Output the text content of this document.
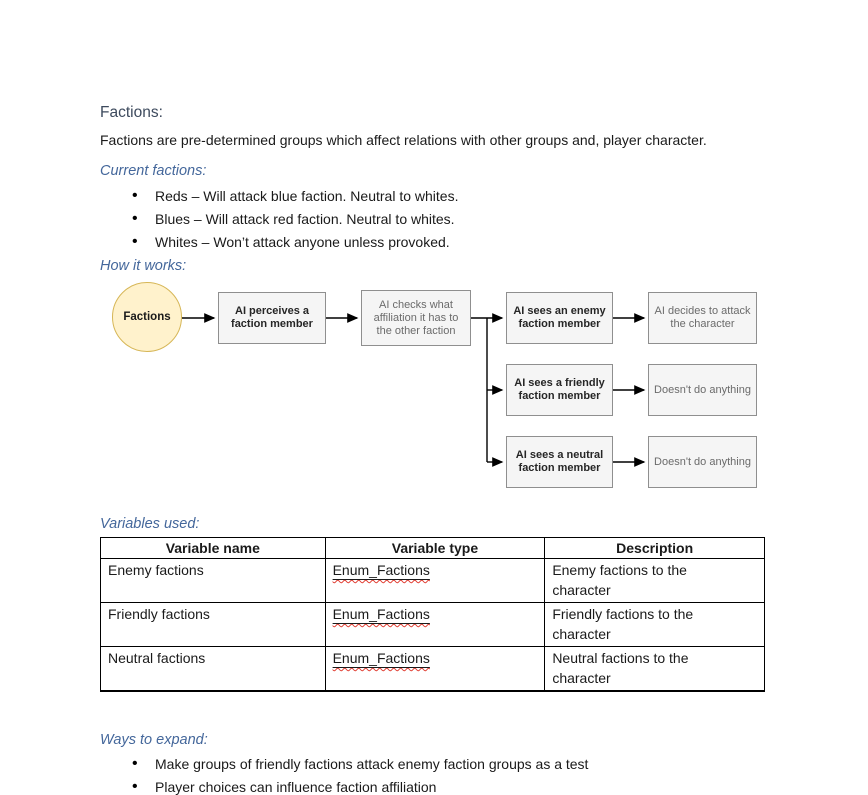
Factions:

Factions are pre-determined groups which affect relations with other groups and, player character.

Current factions:
• Reds – Will attack blue faction. Neutral to whites.
• Blues – Will attack red faction. Neutral to whites.
• Whites – Won’t attack anyone unless provoked.
How it works:
Factions	AI perceives a faction member
AI checks what affiliation it has to the other faction
AI sees an enemy faction member
AI decides to attack the character
AI sees a friendly faction member
Doesn't do anything
AI sees a neutral faction member
Doesn't do anything
Variables used:
Variable name	Variable type	Description
Enemy factions	Enum_Factions	Enemy factions to the character
Friendly factions	Enum_Factions	Friendly factions to the character
Neutral factions	Enum_Factions	Neutral factions to the character
Ways to expand:
• Make groups of friendly factions attack enemy faction groups as a test
• Player choices can influence faction affiliation
